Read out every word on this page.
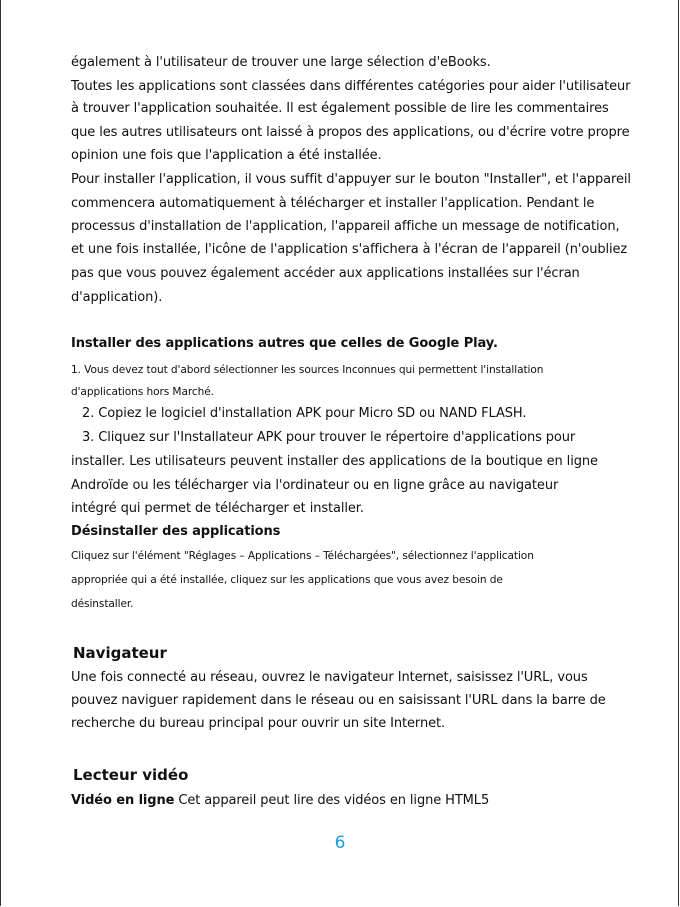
également à l'utilisateur de trouver une large sélection d'eBooks.
Toutes les applications sont classées dans différentes catégories pour aider l'utilisateur
à trouver l'application souhaitée. Il est également possible de lire les commentaires
que les autres utilisateurs ont laissé à propos des applications, ou d'écrire votre propre
opinion une fois que l'application a été installée.
Pour installer l'application, il vous suffit d'appuyer sur le bouton "Installer", et l'appareil
commencera automatiquement à télécharger et installer l'application. Pendant le
processus d'installation de l'application, l'appareil affiche un message de notification,
et une fois installée, l'icône de l'application s'affichera à l'écran de l'appareil (n'oubliez
pas que vous pouvez également accéder aux applications installées sur l'écran
d'application).
Installer des applications autres que celles de Google Play.
1. Vous devez tout d'abord sélectionner les sources Inconnues qui permettent l'installation
d'applications hors Marché.
2. Copiez le logiciel d'installation APK pour Micro SD ou NAND FLASH.
3. Cliquez sur l'Installateur APK pour trouver le répertoire d'applications pour
installer. Les utilisateurs peuvent installer des applications de la boutique en ligne
Androïde ou les télécharger via l'ordinateur ou en ligne grâce au navigateur
intégré qui permet de télécharger et installer.
Désinstaller des applications
Cliquez sur l'élément "Réglages – Applications – Téléchargées", sélectionnez l'application
appropriée qui a été installée, cliquez sur les applications que vous avez besoin de
désinstaller.
Navigateur
Une fois connecté au réseau, ouvrez le navigateur Internet, saisissez l'URL, vous
pouvez naviguer rapidement dans le réseau ou en saisissant l'URL dans la barre de
recherche du bureau principal pour ouvrir un site Internet.
Lecteur vidéo
Vidéo en ligne Cet appareil peut lire des vidéos en ligne HTML5
6
